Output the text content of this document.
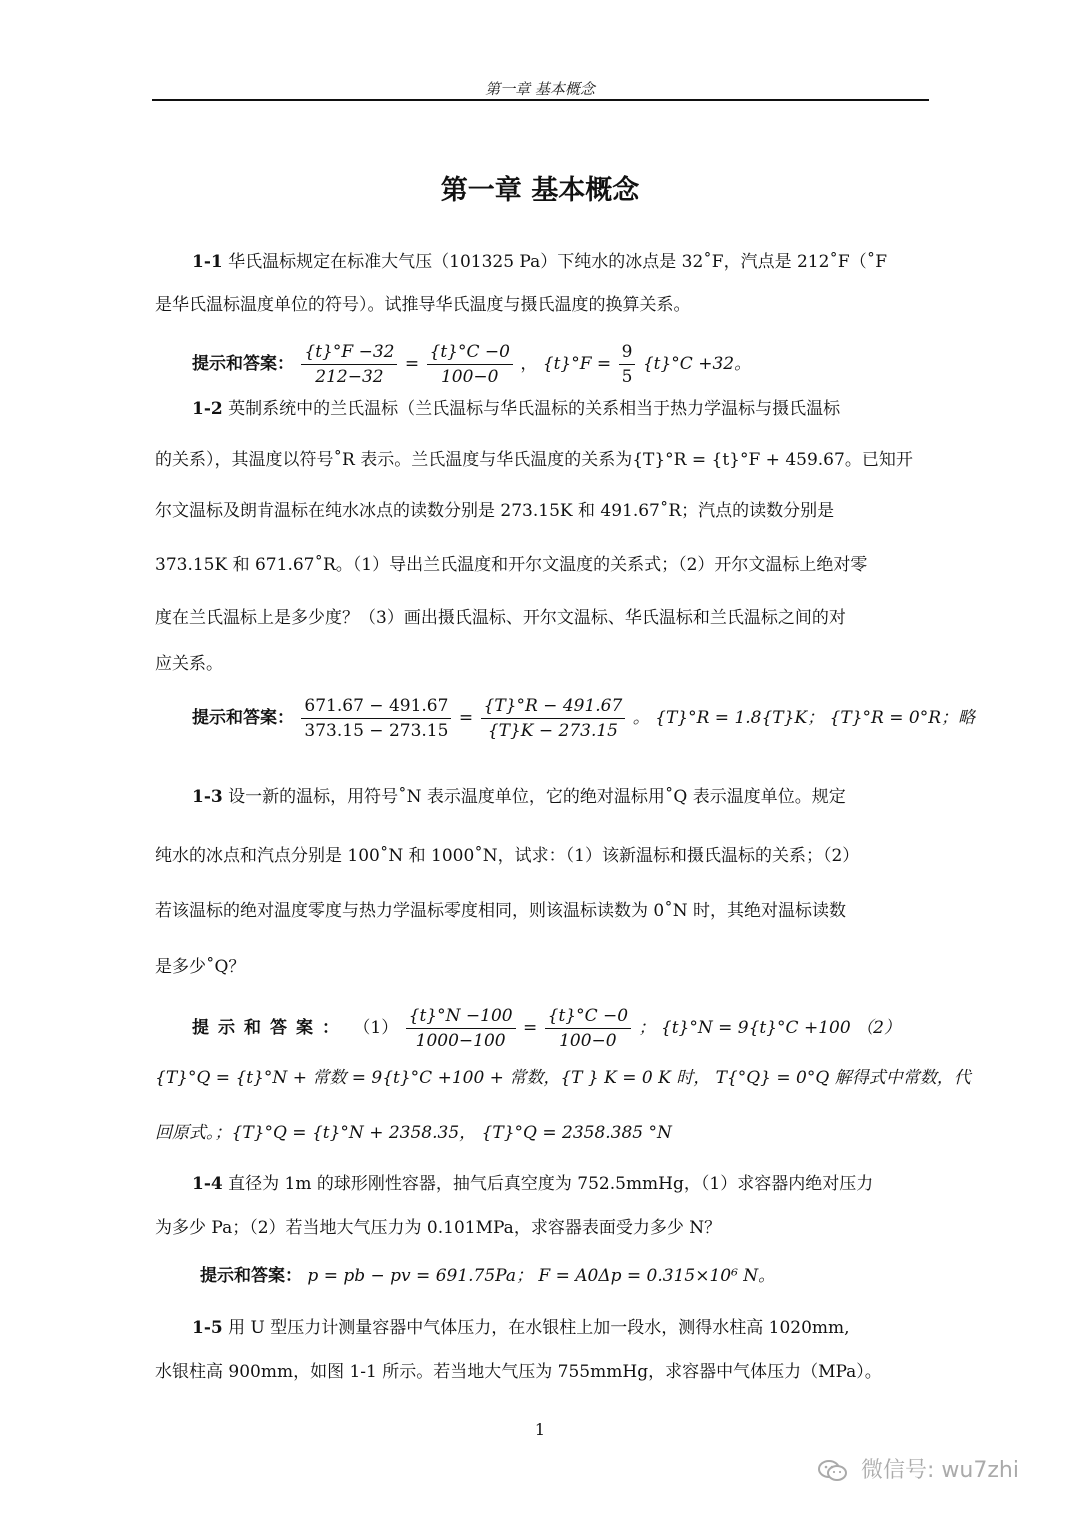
第一章 基本概念
第一章 基本概念
1-1 华氏温标规定在标准大气压（101325 Pa）下纯水的冰点是 32˚F，汽点是 212˚F（˚F
是华氏温标温度单位的符号）。试推导华氏温度与摄氏温度的换算关系。
提示和答案： $\frac{\{t\}^\circ F -32}{212-32} = \frac{\{t\}^\circ C -0}{100-0}$ ， $\{t\}^\circ F = \frac{9}{5} \{t\}^\circ C +32$。
1-2 英制系统中的兰氏温标（兰氏温标与华氏温标的关系相当于热力学温标与摄氏温标
的关系），其温度以符号˚R 表示。兰氏温度与华氏温度的关系为{T}°R = {t}°F + 459.67。已知开
尔文温标及朗肯温标在纯水冰点的读数分别是 273.15K 和 491.67˚R；汽点的读数分别是
373.15K 和 671.67˚R。（1）导出兰氏温度和开尔文温度的关系式；（2）开尔文温标上绝对零
度在兰氏温标上是多少度？（3）画出摄氏温标、开尔文温标、华氏温标和兰氏温标之间的对
应关系。
提示和答案： $\frac{671.67 - 491.67}{373.15 - 273.15} = \frac{\{T\}^\circ R - 491.67}{\{T\}K - 273.15}$ 。 {T}°R = 1.8{T}K； {T}°R = 0°R；略
1-3 设一新的温标，用符号˚N 表示温度单位，它的绝对温标用˚Q 表示温度单位。规定
纯水的冰点和汽点分别是 100˚N 和 1000˚N，试求：（1）该新温标和摄氏温标的关系；（2）
若该温标的绝对温度零度与热力学温标零度相同，则该温标读数为 0˚N 时，其绝对温标读数
是多少˚Q？
提示和答案： $(1) \frac{\{t\}^\circ N -100}{1000-100} = \frac{\{t\}^\circ C -0}{100-0}$ ； {t}°N = 9{t}°C +100 （2）
{T}°Q = {t}°N + 常数 = 9{t}°C +100 + 常数，{T } K = 0 K 时， T{°Q} = 0°Q 解得式中常数，代
回原式。；{T}°Q = {t}°N + 2358.35， {T}°Q = 2358.385 °N
1-4 直径为 1m 的球形刚性容器，抽气后真空度为 752.5mmHg，（1）求容器内绝对压力
为多少 Pa；（2）若当地大气压力为 0.101MPa，求容器表面受力多少 N？
提示和答案： p = pb − pv = 691.75Pa； F = A0Δp = 0.315×10⁶ N。
1-5 用 U 型压力计测量容器中气体压力，在水银柱上加一段水，测得水柱高 1020mm,
水银柱高 900mm，如图 1-1 所示。若当地大气压为 755mmHg，求容器中气体压力（MPa）。
1
微信号: wu7zhi
